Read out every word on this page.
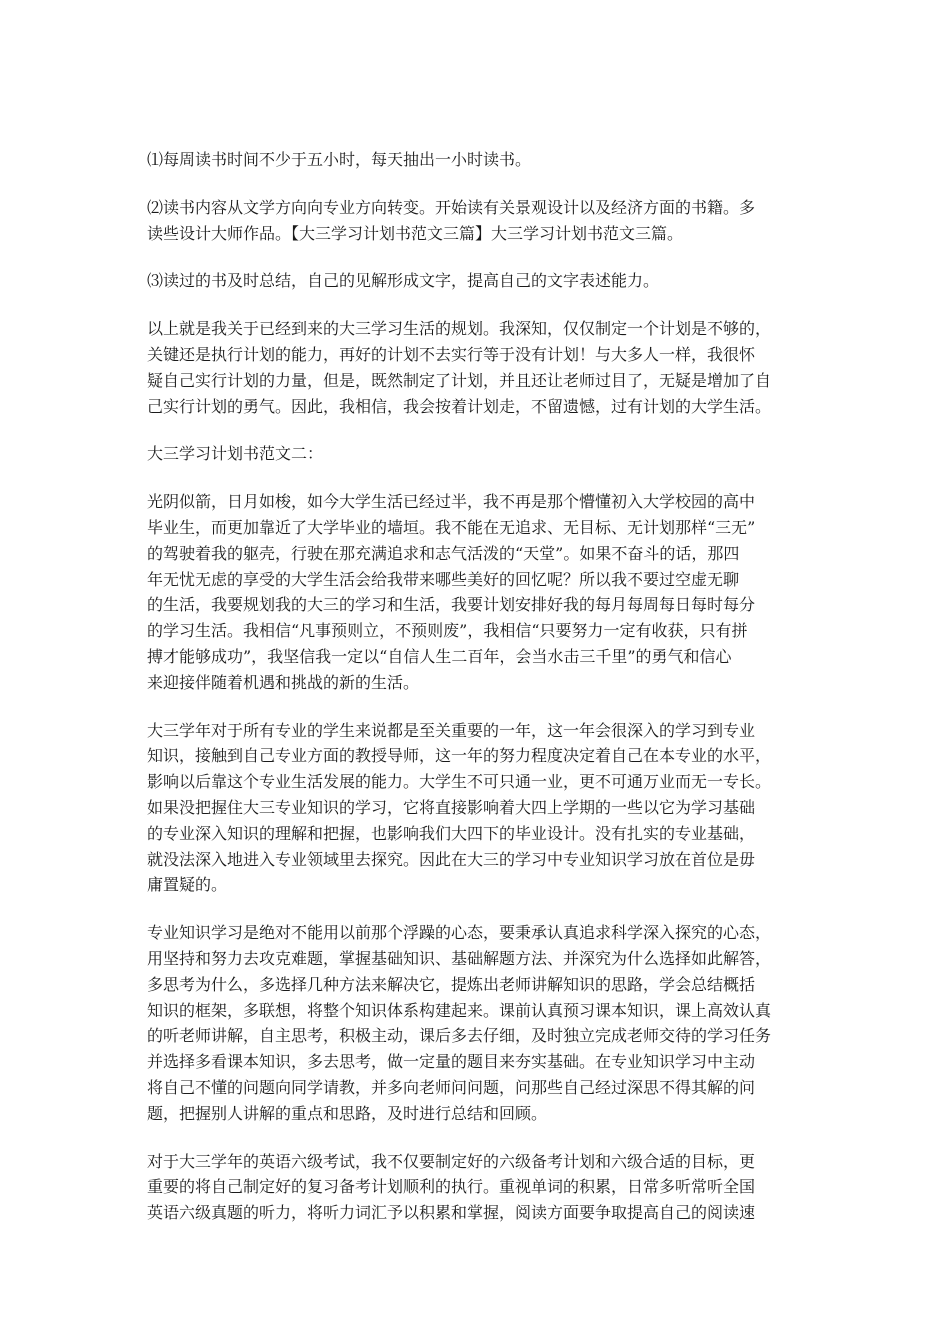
⑴每周读书时间不少于五小时，每天抽出一小时读书。
⑵读书内容从文学方向向专业方向转变。开始读有关景观设计以及经济方面的书籍。多
读些设计大师作品。【大三学习计划书范文三篇】大三学习计划书范文三篇。
⑶读过的书及时总结，自己的见解形成文字，提高自己的文字表述能力。
以上就是我关于已经到来的大三学习生活的规划。我深知，仅仅制定一个计划是不够的，
关键还是执行计划的能力，再好的计划不去实行等于没有计划！与大多人一样，我很怀
疑自己实行计划的力量，但是，既然制定了计划，并且还让老师过目了，无疑是增加了自
己实行计划的勇气。因此，我相信，我会按着计划走，不留遗憾，过有计划的大学生活。
大三学习计划书范文二：
光阴似箭，日月如梭，如今大学生活已经过半，我不再是那个懵懂初入大学校园的高中
毕业生，而更加靠近了大学毕业的墙垣。我不能在无追求、无目标、无计划那样“三无”
的驾驶着我的躯壳，行驶在那充满追求和志气活泼的“天堂”。如果不奋斗的话，那四
年无忧无虑的享受的大学生活会给我带来哪些美好的回忆呢？所以我不要过空虚无聊
的生活，我要规划我的大三的学习和生活，我要计划安排好我的每月每周每日每时每分
的学习生活。我相信“凡事预则立，不预则废”，我相信“只要努力一定有收获，只有拼
搏才能够成功”，我坚信我一定以“自信人生二百年，会当水击三千里”的勇气和信心
来迎接伴随着机遇和挑战的新的生活。
大三学年对于所有专业的学生来说都是至关重要的一年，这一年会很深入的学习到专业
知识，接触到自己专业方面的教授导师，这一年的努力程度决定着自己在本专业的水平，
影响以后靠这个专业生活发展的能力。大学生不可只通一业，更不可通万业而无一专长。
如果没把握住大三专业知识的学习，它将直接影响着大四上学期的一些以它为学习基础
的专业深入知识的理解和把握，也影响我们大四下的毕业设计。没有扎实的专业基础，
就没法深入地进入专业领域里去探究。因此在大三的学习中专业知识学习放在首位是毋
庸置疑的。
专业知识学习是绝对不能用以前那个浮躁的心态，要秉承认真追求科学深入探究的心态，
用坚持和努力去攻克难题，掌握基础知识、基础解题方法、并深究为什么选择如此解答，
多思考为什么，多选择几种方法来解决它，提炼出老师讲解知识的思路，学会总结概括
知识的框架，多联想，将整个知识体系构建起来。课前认真预习课本知识，课上高效认真
的听老师讲解，自主思考，积极主动，课后多去仔细，及时独立完成老师交待的学习任务
并选择多看课本知识，多去思考，做一定量的题目来夯实基础。在专业知识学习中主动
将自己不懂的问题向同学请教，并多向老师问问题，问那些自己经过深思不得其解的问
题，把握别人讲解的重点和思路，及时进行总结和回顾。
对于大三学年的英语六级考试，我不仅要制定好的六级备考计划和六级合适的目标，更
重要的将自己制定好的复习备考计划顺利的执行。重视单词的积累，日常多听常听全国
英语六级真题的听力，将听力词汇予以积累和掌握，阅读方面要争取提高自己的阅读速
